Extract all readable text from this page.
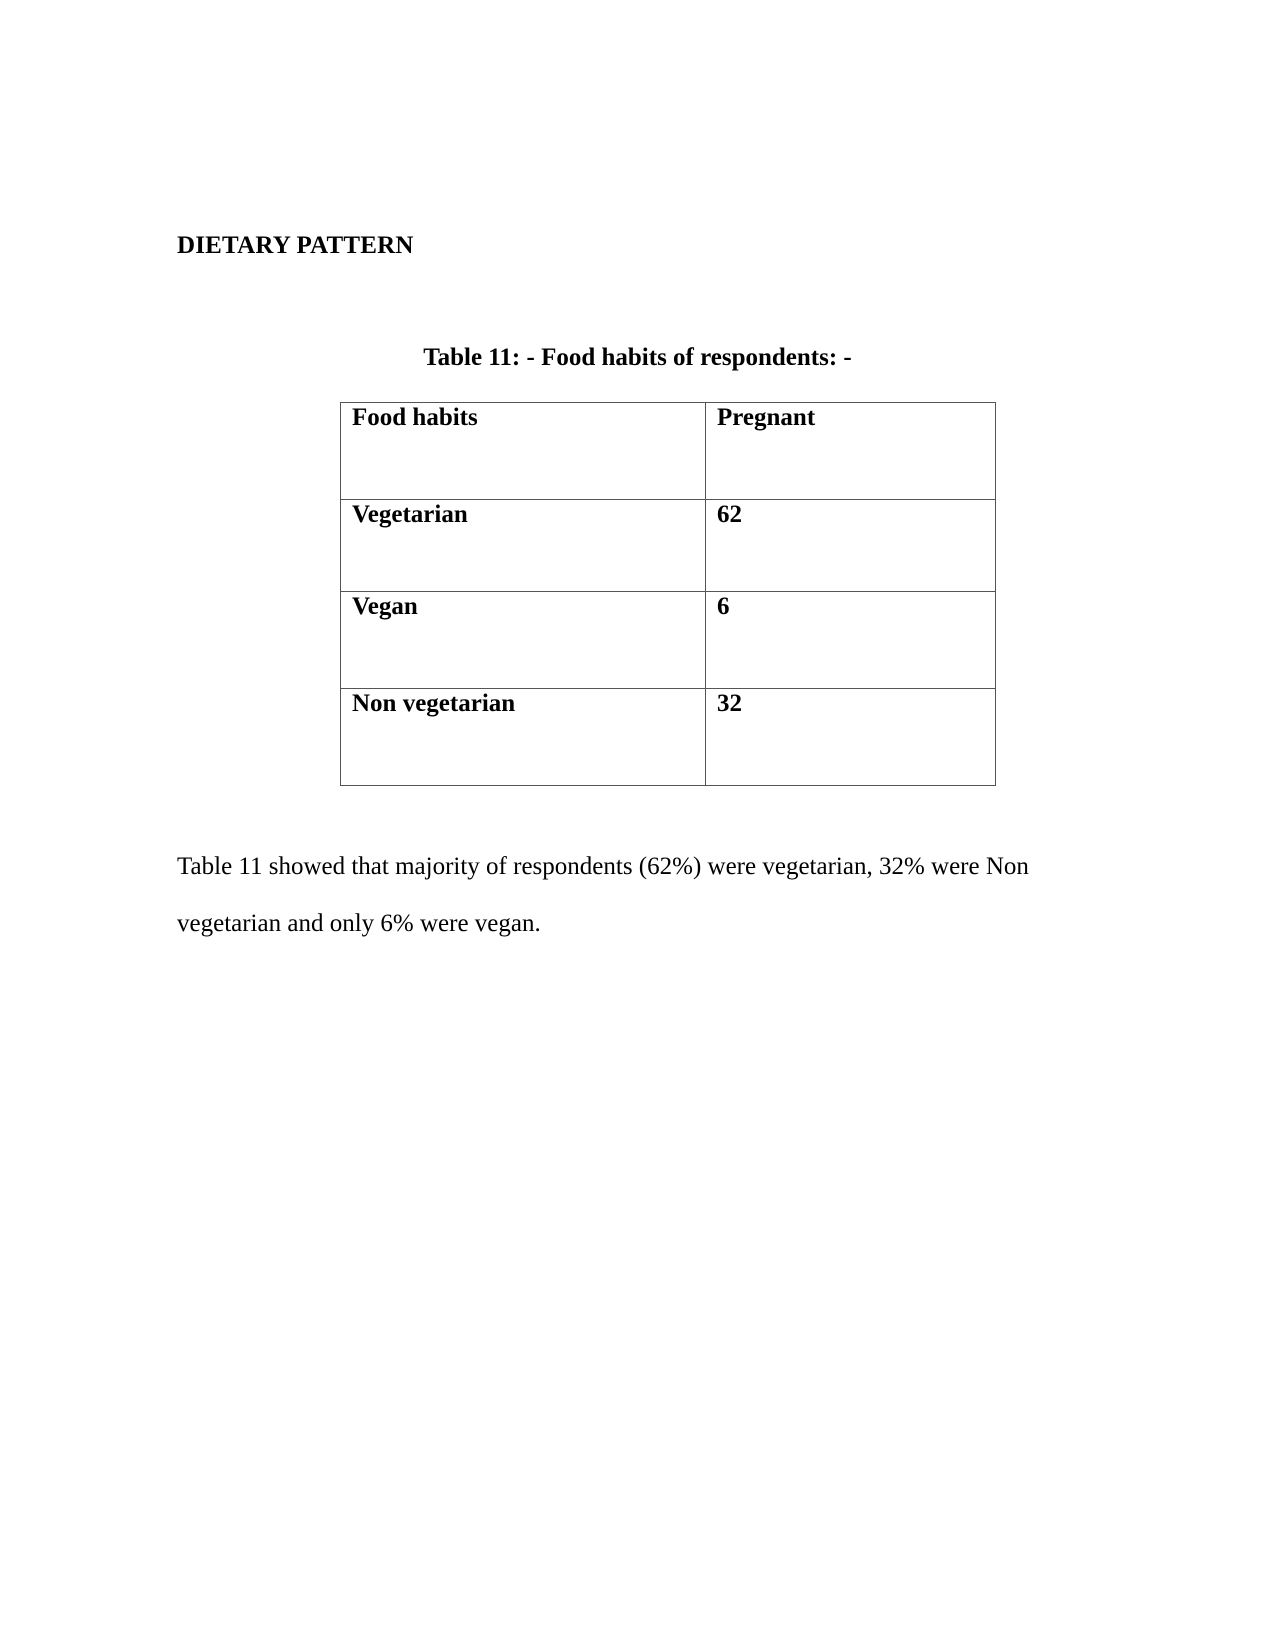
DIETARY PATTERN
Table 11: - Food habits of respondents: -
Food habits	Pregnant

Vegetarian	62

Vegan	6

Non vegetarian	32

Table 11 showed that majority of respondents (62%) were vegetarian, 32% were Non vegetarian and only 6% were vegan.
